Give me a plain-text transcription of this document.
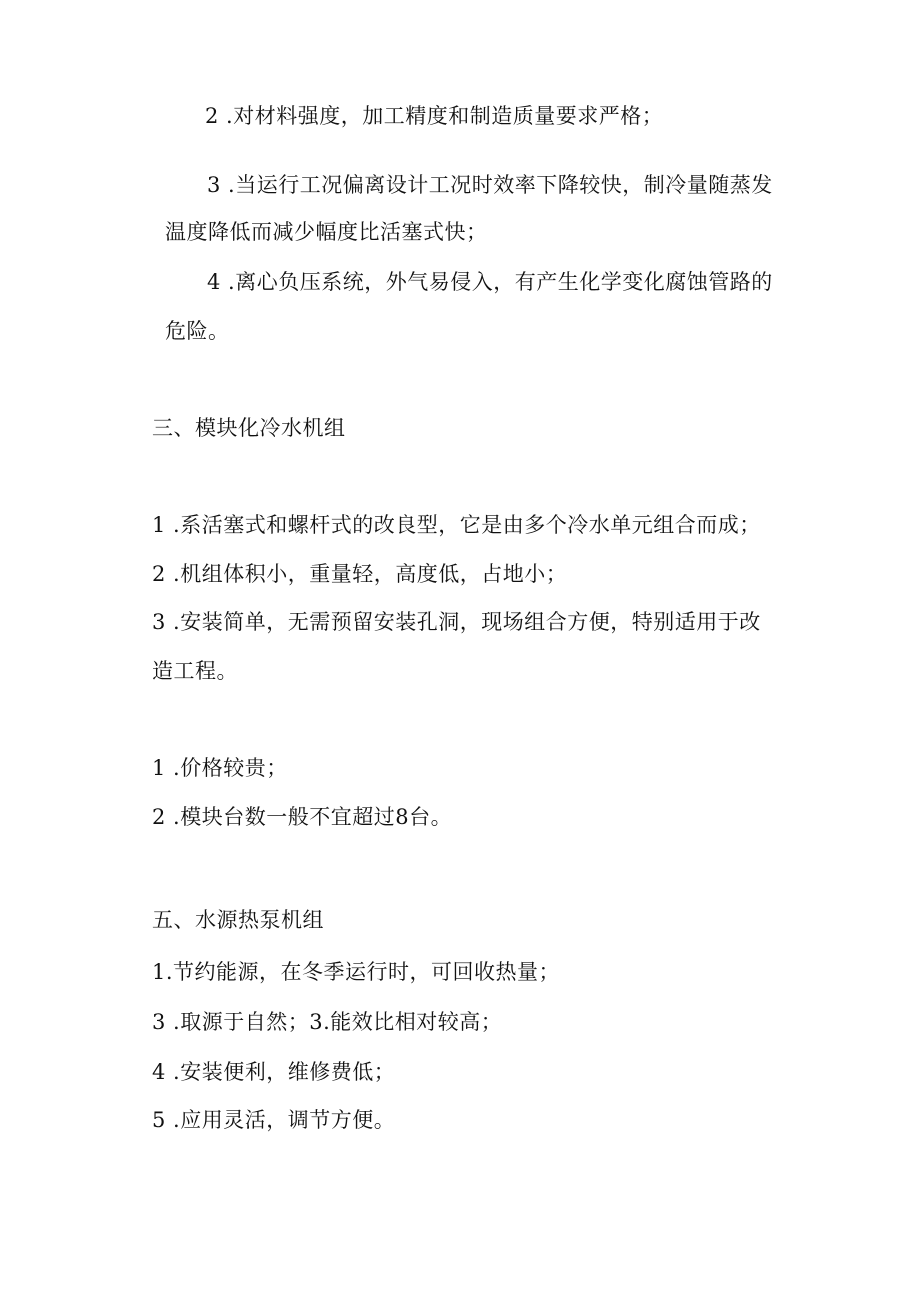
2 .对材料强度，加工精度和制造质量要求严格；
3 .当运行工况偏离设计工况时效率下降较快，制冷量随蒸发
温度降低而减少幅度比活塞式快；
4 .离心负压系统，外气易侵入，有产生化学变化腐蚀管路的
危险。
三、模块化冷水机组
1 .系活塞式和螺杆式的改良型，它是由多个冷水单元组合而成；
2 .机组体积小，重量轻，高度低，占地小；
3 .安装简单，无需预留安装孔洞，现场组合方便，特别适用于改
造工程。
1 .价格较贵；
2 .模块台数一般不宜超过8台。
五、水源热泵机组
1.节约能源，在冬季运行时，可回收热量；
3 .取源于自然；3.能效比相对较高；
4 .安装便利，维修费低；
5 .应用灵活，调节方便。
